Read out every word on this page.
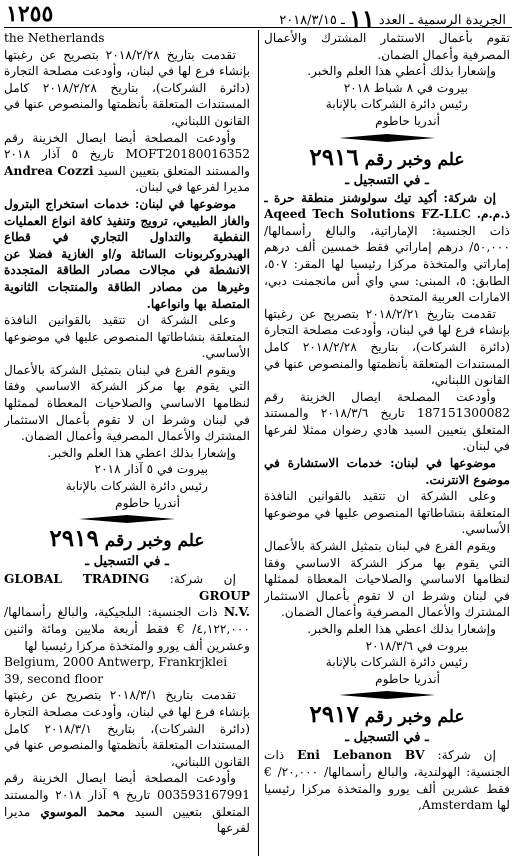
١٢٥٥	الجريدة الرسمية ـ العدد ١١ ـ ٢٠١٨/٣/١٥

تقوم بأعمال الاستثمار المشترك والأعمال المصرفية وأعمال الضمان.

وإشعارا بذلك أعطي هذا العلم والخبر.

بيروت في ٨ شباط ٢٠١٨

رئيس دائرة الشركات بالإنابة

أندريا حاطوم

علم وخبر رقم ٢٩١٦
ـ في التسجيل ـ

إن شركة: أكيد تيك سولوشنز منطقة حرة ـ ذ.م.م. Aqeed Tech Solutions FZ-LLC ذات الجنسية: الإماراتية، والبالغ رأسمالها/ ٥٠,٠٠٠/ درهم إماراتي فقط خمسين ألف درهم إماراتي والمتخذة مركزا رئيسيا لها المقر: ٥٠٧، الطابق: ٥، المبنى: سي واي أس مانجمنت دبي، الامارات العربية المتحدة

تقدمت بتاريخ ٢٠١٨/٢/٢١ بتصريح عن رغبتها بإنشاء فرع لها في لبنان، وأودعت مصلحة التجارة (دائرة الشركات)، بتاريخ ٢٠١٨/٢/٢٨ كامل المستندات المتعلقة بأنظمتها والمنصوص عنها في القانون اللبناني،

وأودعت المصلحة ايصال الخزينة رقم 187151300082 تاريخ ٢٠١٨/٣/٦ والمستند المتعلق بتعيين السيد هادي رضوان ممثلا لفرعها في لبنان.

موضوعها في لبنان: خدمات الاستشارة في موضوع الانترنت.

وعلى الشركة ان تتقيد بالقوانين النافذة المتعلقة بنشاطاتها المنصوص عليها في موضوعها الأساسي.

ويقوم الفرع في لبنان بتمثيل الشركة بالأعمال التي يقوم بها مركز الشركة الاساسي وفقا لنظامها الاساسي والصلاحيات المعطاة لممثلها في لبنان وشرط ان لا تقوم بأعمال الاستثمار المشترك والأعمال المصرفية وأعمال الضمان.

وإشعارا بذلك اعطي هذا العلم والخبر.

بيروت في ٢٠١٨/٣/٦

رئيس دائرة الشركات بالإنابة

أندريا حاطوم

علم وخبر رقم ٢٩١٧
ـ في التسجيل ـ

إن شركة: Eni Lebanon BV ذات الجنسية: الهولندية، والبالغ رأسمالها/ ٢٠,٠٠٠/ € فقط عشرين ألف يورو والمتخذة مركزا رئيسيا لها Amsterdam,

the Netherlands

تقدمت بتاريخ ٢٠١٨/٢/٢٨ بتصريح عن رغبتها بإنشاء فرع لها في لبنان، وأودعت مصلحة التجارة (دائرة الشركات)، بتاريخ ٢٠١٨/٢/٢٨ كامل المستندات المتعلقة بأنظمتها والمنصوص عنها في القانون اللبناني،

وأودعت المصلحة أيضا ايصال الخزينة رقم MOFT20180016352 تاريخ ٥ آذار ٢٠١٨ والمستند المتعلق بتعيين السيد Andrea Cozzi مديرا لفرعها في لبنان.

موضوعها في لبنان: خدمات استخراج البترول والغاز الطبيعي، ترويج وتنفيذ كافة انواع العمليات النفطية والتداول التجاري في قطاع الهيدروكربونات السائلة و/او الغازية فضلا عن الانشطة في مجالات مصادر الطاقة المتجددة وغيرها من مصادر الطاقة والمنتجات الثانوية المتصلة بها وانواعها.

وعلى الشركة ان تتقيد بالقوانين النافذة المتعلقة بنشاطاتها المنصوص عليها في موضوعها الأساسي.

ويقوم الفرع في لبنان بتمثيل الشركة بالأعمال التي يقوم بها مركز الشركة الاساسي وفقا لنظامها الاساسي والصلاحيات المعطاة لممثلها في لبنان وشرط ان لا تقوم بأعمال الاستثمار المشترك والأعمال المصرفية وأعمال الضمان.

وإشعارا بذلك اعطي هذا العلم والخبر.

بيروت في ٥ آذار ٢٠١٨

رئيس دائرة الشركات بالإنابة

أندريا حاطوم

علم وخبر رقم ٢٩١٩
ـ في التسجيل ـ

إن شركة: GLOBAL TRADING GROUP

N.V. ذات الجنسية: البلجيكية، والبالغ رأسمالها/ ٤,١٢٢,٠٠٠/ € فقط أربعة ملايين ومائة واثنين وعشرين ألف يورو والمتخذة مركزا رئيسيا لها

Belgium, 2000 Antwerp, Frankrjklei 39, second floor

تقدمت بتاريخ ٢٠١٨/٣/١ بتصريح عن رغبتها بإنشاء فرع لها في لبنان، وأودعت مصلحة التجارة (دائرة الشركات)، بتاريخ ٢٠١٨/٣/١ كامل المستندات المتعلقة بأنظمتها والمنصوص عنها في القانون اللبناني،

وأودعت المصلحة أيضا ايصال الخزينة رقم 003593167991 تاريخ ٩ آذار ٢٠١٨ والمستند المتعلق بتعيين السيد محمد الموسوي مديرا لفرعها
